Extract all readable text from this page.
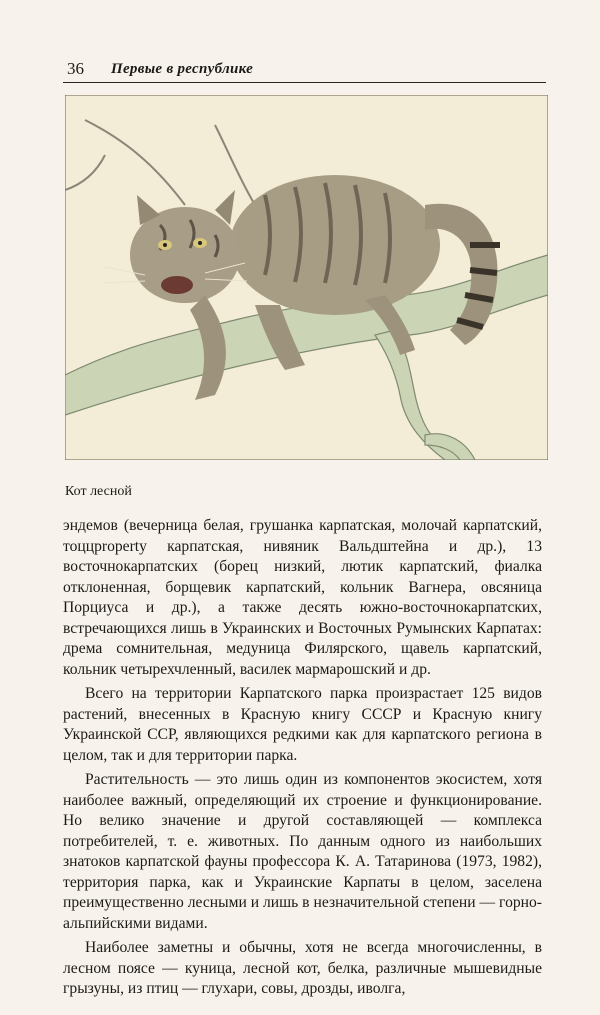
36 Первые в республике
Кот лесной

эндемов (вечерница белая, грушанка карпатская, молочай карпатский, тоццproperty карпатская, нивяник Вальдштейна и др.), 13 восточнокарпатских (борец низкий, лютик карпатский, фиалка отклоненная, борщевик карпатский, кольник Вагнера, овсяница Порциуса и др.), а также десять южно-восточнокарпатских, встречающихся лишь в Украинских и Восточных Румынских Карпатах: дрема сомнительная, медуница Филярского, щавель карпатский, кольник четырехчленный, василек мармарошский и др.

Всего на территории Карпатского парка произрастает 125 видов растений, внесенных в Красную книгу СССР и Красную книгу Украинской ССР, являющихся редкими как для карпатского региона в целом, так и для территории парка.

Растительность — это лишь один из компонентов экосистем, хотя наиболее важный, определяющий их строение и функционирование. Но велико значение и другой составляющей — комплекса потребителей, т. е. животных. По данным одного из наибольших знатоков карпатской фауны профессора К. А. Татаринова (1973, 1982), территория парка, как и Украинские Карпаты в целом, заселена преимущественно лесными и лишь в незначительной степени — горно-альпийскими видами.

Наиболее заметны и обычны, хотя не всегда многочисленны, в лесном поясе — куница, лесной кот, белка, различные мышевидные грызуны, из птиц — глухари, совы, дрозды, иволга,
